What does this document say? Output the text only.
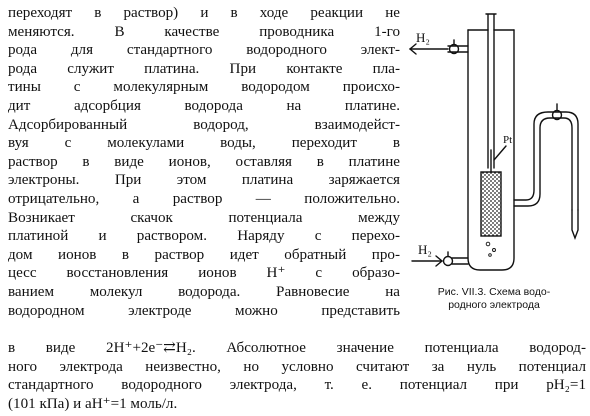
переходят в раствор) и в ходе реакции не
меняются. В качестве проводника 1-го
рода для стандартного водородного элект-
рода служит платина. При контакте пла-
тины с молекулярным водородом происхо-
дит адсорбция водорода на платине.
Адсорбированный водород, взаимодейст-
вуя с молекулами воды, переходит в
раствор в виде ионов, оставляя в платине
электроны. При этом платина заряжается
отрицательно, а раствор — положительно.
Возникает скачок потенциала между
платиной и раствором. Наряду с перехо-
дом ионов в раствор идет обратный про-
цесс восстановления ионов H⁺ с образо-
ванием молекул водорода. Равновесие на
водородном электроде можно представить
в виде 2H⁺+2e⁻⇄H₂. Абсолютное значение потенциала водород-
ного электрода неизвестно, но условно считают за нуль потенциал
стандартного водородного электрода, т. е. потенциал при pH₂=1
(101 кПа) и aH⁺=1 моль/л.
H₂
H₂
Pt
Рис. VII.3. Схема водо-
родного электрода
